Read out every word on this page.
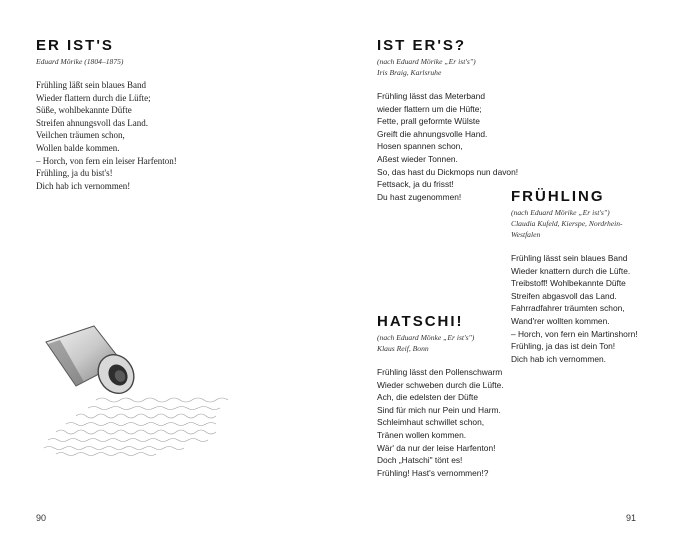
ER IST'S

Eduard Mörike (1804–1875)

Frühling läßt sein blaues Band
Wieder flattern durch die Lüfte;
Süße, wohlbekannte Düfte
Streifen ahnungsvoll das Land.
Veilchen träumen schon,
Wollen balde kommen.
– Horch, von fern ein leiser Harfenton!
Frühling, ja du bist's!
Dich hab ich vernommen!
90
IST ER'S?

(nach Eduard Mörike „Er ist's")

Iris Braig, Karlsruhe

Frühling lässt das Meterband
wieder flattern um die Hüfte;
Fette, prall geformte Wülste
Greift die ahnungsvolle Hand.
Hosen spannen schon,
Aßest wieder Tonnen.
So, das hast du Dickmops nun davon!
Fettsack, ja du frisst!
Du hast zugenommen!	FRÜHLING

(nach Eduard Mörike „Er ist's")

Claudia Kufeld, Kierspe, Nordrhein-

Westfalen

Frühling lässt sein blaues Band
Wieder knattern durch die Lüfte.
Treibstoff! Wohlbekannte Düfte
Streifen abgasvoll das Land.
Fahrradfahrer träumten schon,
Wand'rer wollten kommen.
– Horch, von fern ein Martinshorn!
Frühling, ja das ist dein Ton!
Dich hab ich vernommen.
HATSCHI!

(nach Eduard Mönke „Er ist's")

Klaus Reif, Bonn

Frühling lässt den Pollenschwarm
Wieder schweben durch die Lüfte.
Ach, die edelsten der Düfte
Sind für mich nur Pein und Harm.
Schleimhaut schwillet schon,
Tränen wollen kommen.
Wär' da nur der leise Harfenton!
Doch „Hatschi" tönt es!
Frühling! Hast's vernommen!?
91
